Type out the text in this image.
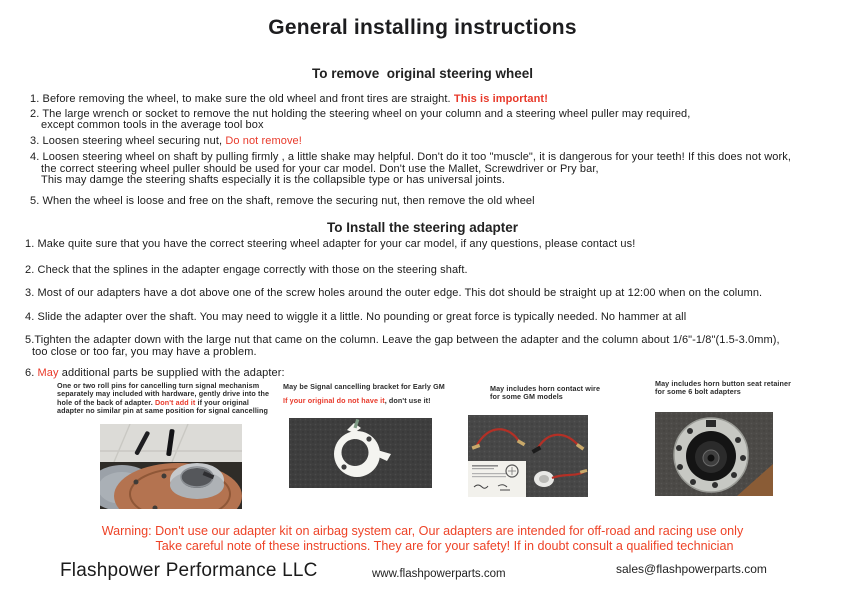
General installing instructions
To remove  original steering wheel
1. Before removing the wheel, to make sure the old wheel and front tires are straight. This is important!
2. The large wrench or socket to remove the nut holding the steering wheel on your column and a steering wheel puller may required,
except common tools in the average tool box
3. Loosen steering wheel securing nut, Do not remove!
4. Loosen steering wheel on shaft by pulling firmly , a little shake may helpful. Don't do it too "muscle", it is dangerous for your teeth! If this does not work,
the correct steering wheel puller should be used for your car model. Don't use the Mallet, Screwdriver or Pry bar,
This may damge the steering shafts especially it is the collapsible type or has universal joints.
5. When the wheel is loose and free on the shaft, remove the securing nut, then remove the old wheel
To Install the steering adapter
1. Make quite sure that you have the correct steering wheel adapter for your car model, if any questions, please contact us!
2. Check that the splines in the adapter engage correctly with those on the steering shaft.
3. Most of our adapters have a dot above one of the screw holes around the outer edge. This dot should be straight up at 12:00 when on the column.
4. Slide the adapter over the shaft. You may need to wiggle it a little. No pounding or great force is typically needed. No hammer at all
5.Tighten the adapter down with the large nut that came on the column. Leave the gap between the adapter and the column about 1/6"-1/8"(1.5-3.0mm),
too close or too far, you may have a problem.
6. May additional parts be supplied with the adapter:
One or two roll pins for cancelling turn signal mechanism
separately may included with hardware, gently drive into the
hole of the back of adapter. Don't add it if your original
adapter no similar pin at same position for signal cancelling
May be Signal cancelling bracket for Early GM
If your original do not have it, don't use it!
May includes horn contact wire
for some GM models
May includes horn button seat retainer
for some 6 bolt adapters
Warning: Don't use our adapter kit on airbag system car, Our adapters are intended for off-road and racing use only
Take careful note of these instructions. They are for your safety! If in doubt consult a qualified technician
Flashpower Performance LLC	www.flashpowerparts.com	sales@flashpowerparts.com
